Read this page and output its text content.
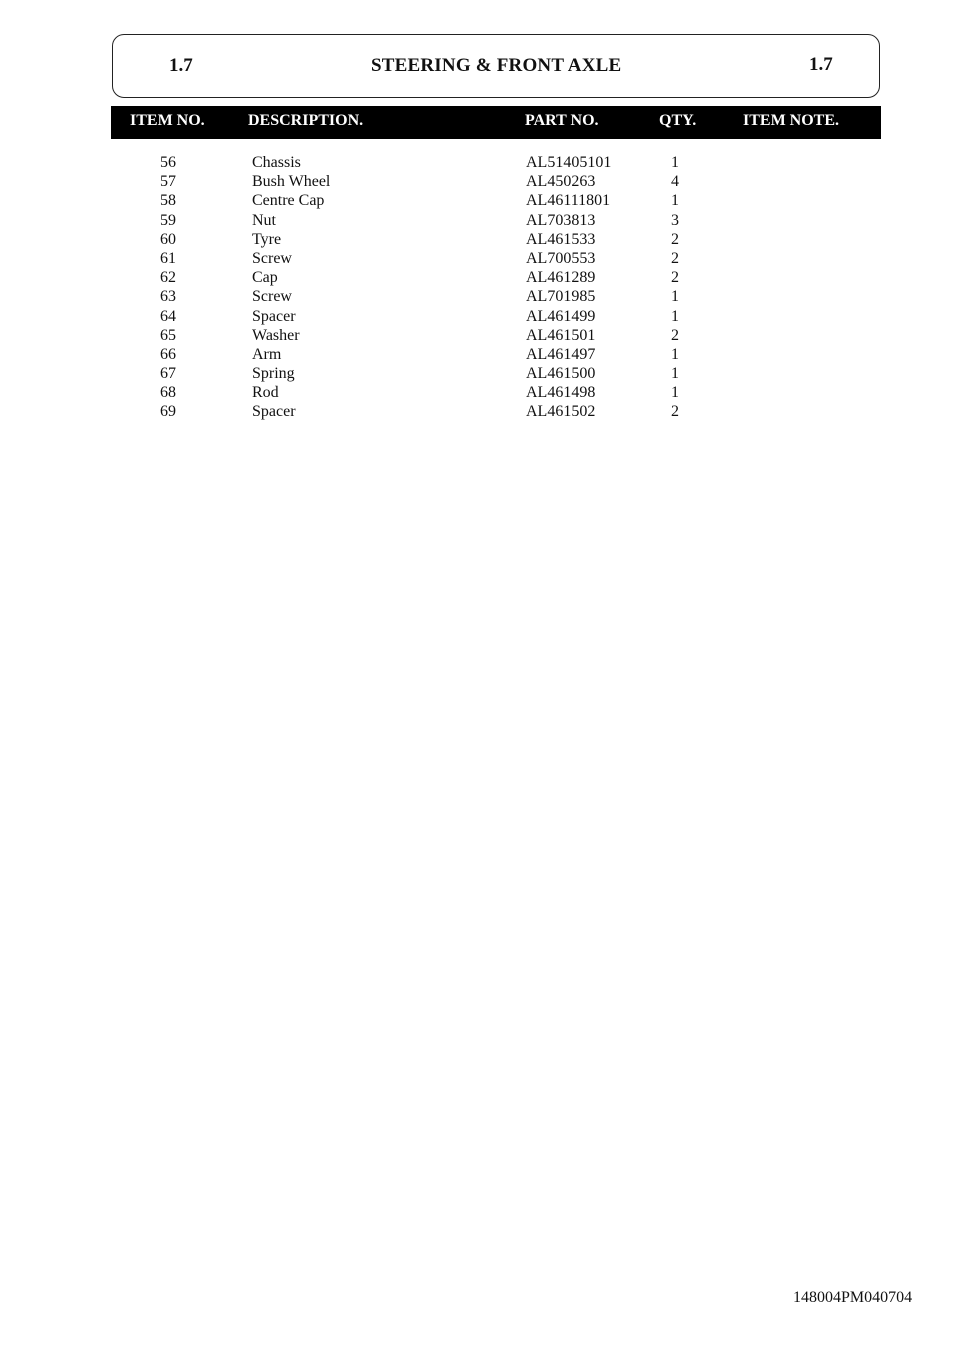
1.7	STEERING & FRONT AXLE	1.7
ITEM NO.	DESCRIPTION.	PART NO.	QTY.	ITEM NOTE.
56	Chassis	AL51405101	1
57	Bush Wheel	AL450263	4
58	Centre Cap	AL46111801	1
59	Nut	AL703813	3
60	Tyre	AL461533	2
61	Screw	AL700553	2
62	Cap	AL461289	2
63	Screw	AL701985	1
64	Spacer	AL461499	1
65	Washer	AL461501	2
66	Arm	AL461497	1
67	Spring	AL461500	1
68	Rod	AL461498	1
69	Spacer	AL461502	2
148004PM040704
